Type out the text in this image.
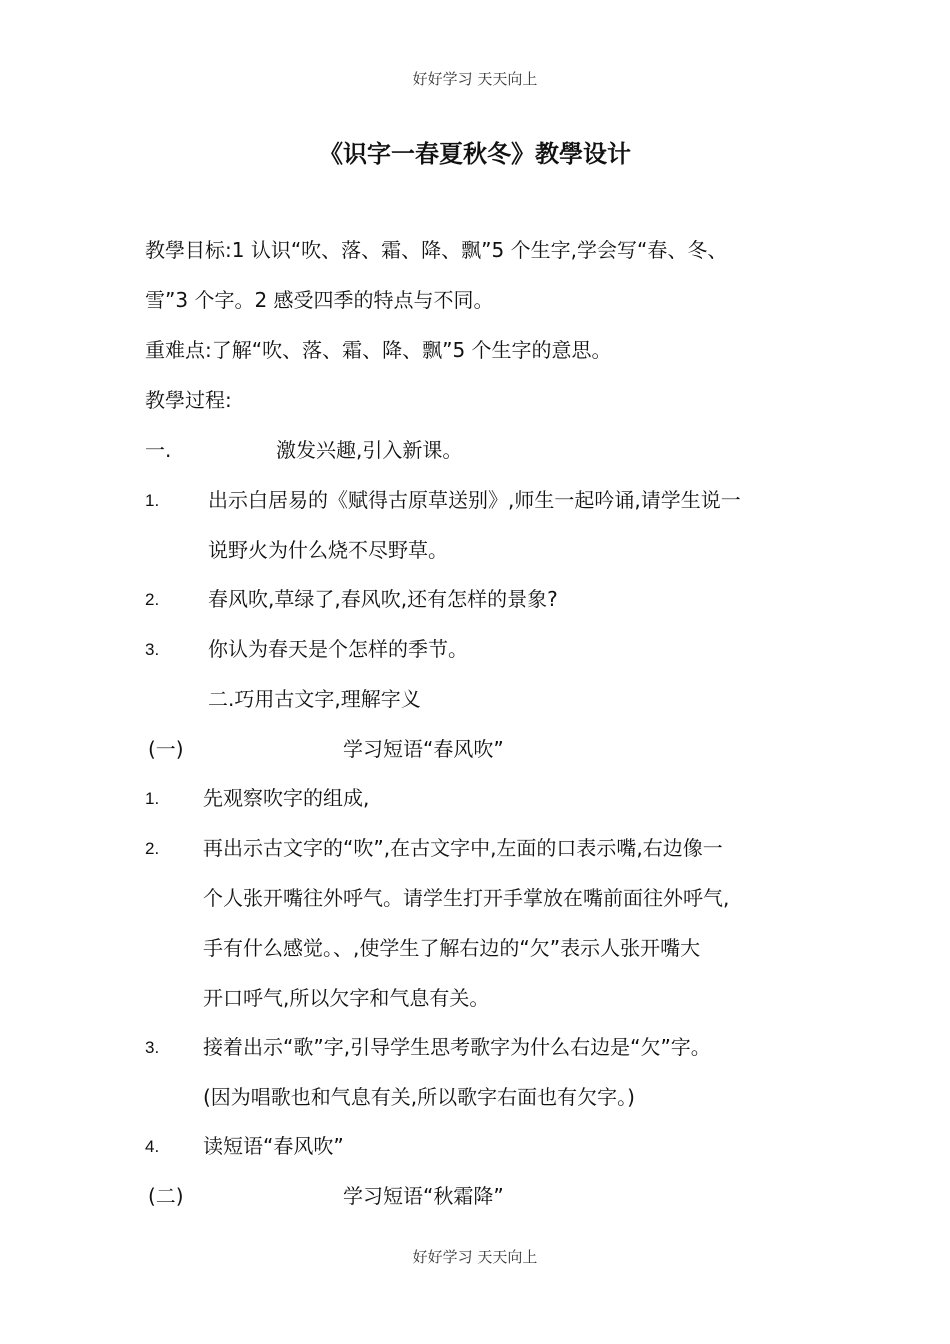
好好学习 天天向上
《识字一春夏秋冬》教學设计
教學目标:1 认识“吹、落、霜、降、飘”5 个生字,学会写“春、冬、
雪”3 个字。2 感受四季的特点与不同。
重难点:了解“吹、落、霜、降、飘”5 个生字的意思。
教學过程:
一.	激发兴趣,引入新课。
1. 出示白居易的《赋得古原草送别》,师生一起吟诵,请学生说一
说野火为什么烧不尽野草。
2. 春风吹,草绿了,春风吹,还有怎样的景象?
3. 你认为春天是个怎样的季节。
二.巧用古文字,理解字义
(一)	学习短语“春风吹”
1. 先观察吹字的组成,
2. 再出示古文字的“吹”,在古文字中,左面的口表示嘴,右边像一
个人张开嘴往外呼气。请学生打开手掌放在嘴前面往外呼气,
手有什么感觉。、,使学生了解右边的“欠”表示人张开嘴大
开口呼气,所以欠字和气息有关。
3. 接着出示“歌”字,引导学生思考歌字为什么右边是“欠”字。
(因为唱歌也和气息有关,所以歌字右面也有欠字。)
4. 读短语“春风吹”
(二)	学习短语“秋霜降”
好好学习 天天向上
